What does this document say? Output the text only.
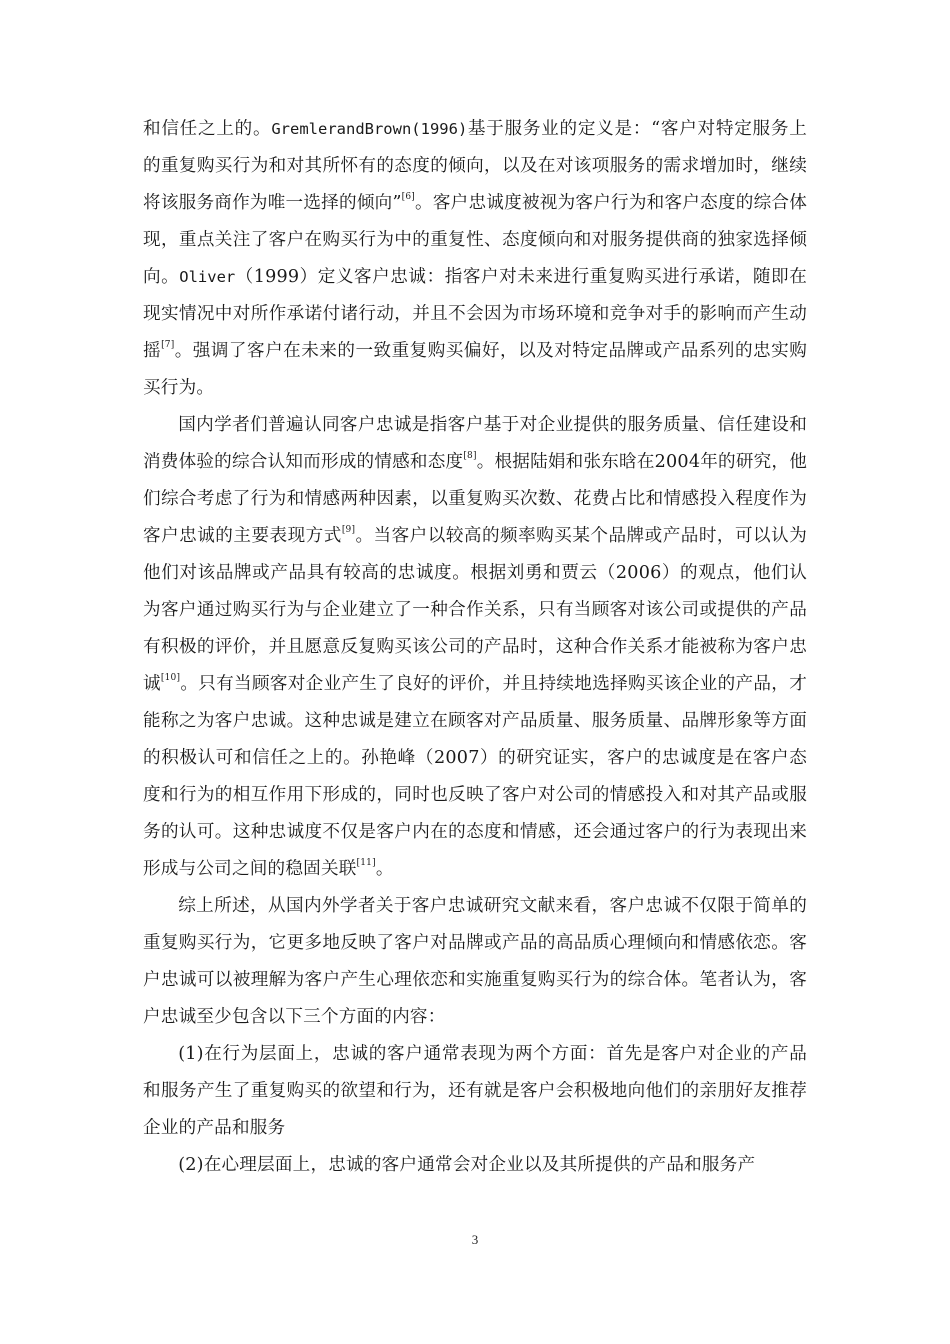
和信任之上的。GremlerandBrown(1996)基于服务业的定义是：“客户对特定服务上的重复购买行为和对其所怀有的态度的倾向，以及在对该项服务的需求增加时，继续将该服务商作为唯一选择的倾向”[6]。客户忠诚度被视为客户行为和客户态度的综合体现，重点关注了客户在购买行为中的重复性、态度倾向和对服务提供商的独家选择倾向。Oliver（1999）定义客户忠诚：指客户对未来进行重复购买进行承诺，随即在现实情况中对所作承诺付诸行动，并且不会因为市场环境和竞争对手的影响而产生动摇[7]。强调了客户在未来的一致重复购买偏好，以及对特定品牌或产品系列的忠实购买行为。

国内学者们普遍认同客户忠诚是指客户基于对企业提供的服务质量、信任建设和消费体验的综合认知而形成的情感和态度[8]。根据陆娟和张东晗在2004年的研究，他们综合考虑了行为和情感两种因素，以重复购买次数、花费占比和情感投入程度作为客户忠诚的主要表现方式[9]。当客户以较高的频率购买某个品牌或产品时，可以认为他们对该品牌或产品具有较高的忠诚度。根据刘勇和贾云（2006）的观点，他们认为客户通过购买行为与企业建立了一种合作关系，只有当顾客对该公司或提供的产品有积极的评价，并且愿意反复购买该公司的产品时，这种合作关系才能被称为客户忠诚[10]。只有当顾客对企业产生了良好的评价，并且持续地选择购买该企业的产品，才能称之为客户忠诚。这种忠诚是建立在顾客对产品质量、服务质量、品牌形象等方面的积极认可和信任之上的。孙艳峰（2007）的研究证实，客户的忠诚度是在客户态度和行为的相互作用下形成的，同时也反映了客户对公司的情感投入和对其产品或服务的认可。这种忠诚度不仅是客户内在的态度和情感，还会通过客户的行为表现出来形成与公司之间的稳固关联[11]。

综上所述，从国内外学者关于客户忠诚研究文献来看，客户忠诚不仅限于简单的重复购买行为，它更多地反映了客户对品牌或产品的高品质心理倾向和情感依恋。客户忠诚可以被理解为客户产生心理依恋和实施重复购买行为的综合体。笔者认为，客户忠诚至少包含以下三个方面的内容：

(1)在行为层面上，忠诚的客户通常表现为两个方面：首先是客户对企业的产品和服务产生了重复购买的欲望和行为，还有就是客户会积极地向他们的亲朋好友推荐企业的产品和服务

(2)在心理层面上，忠诚的客户通常会对企业以及其所提供的产品和服务产

3
